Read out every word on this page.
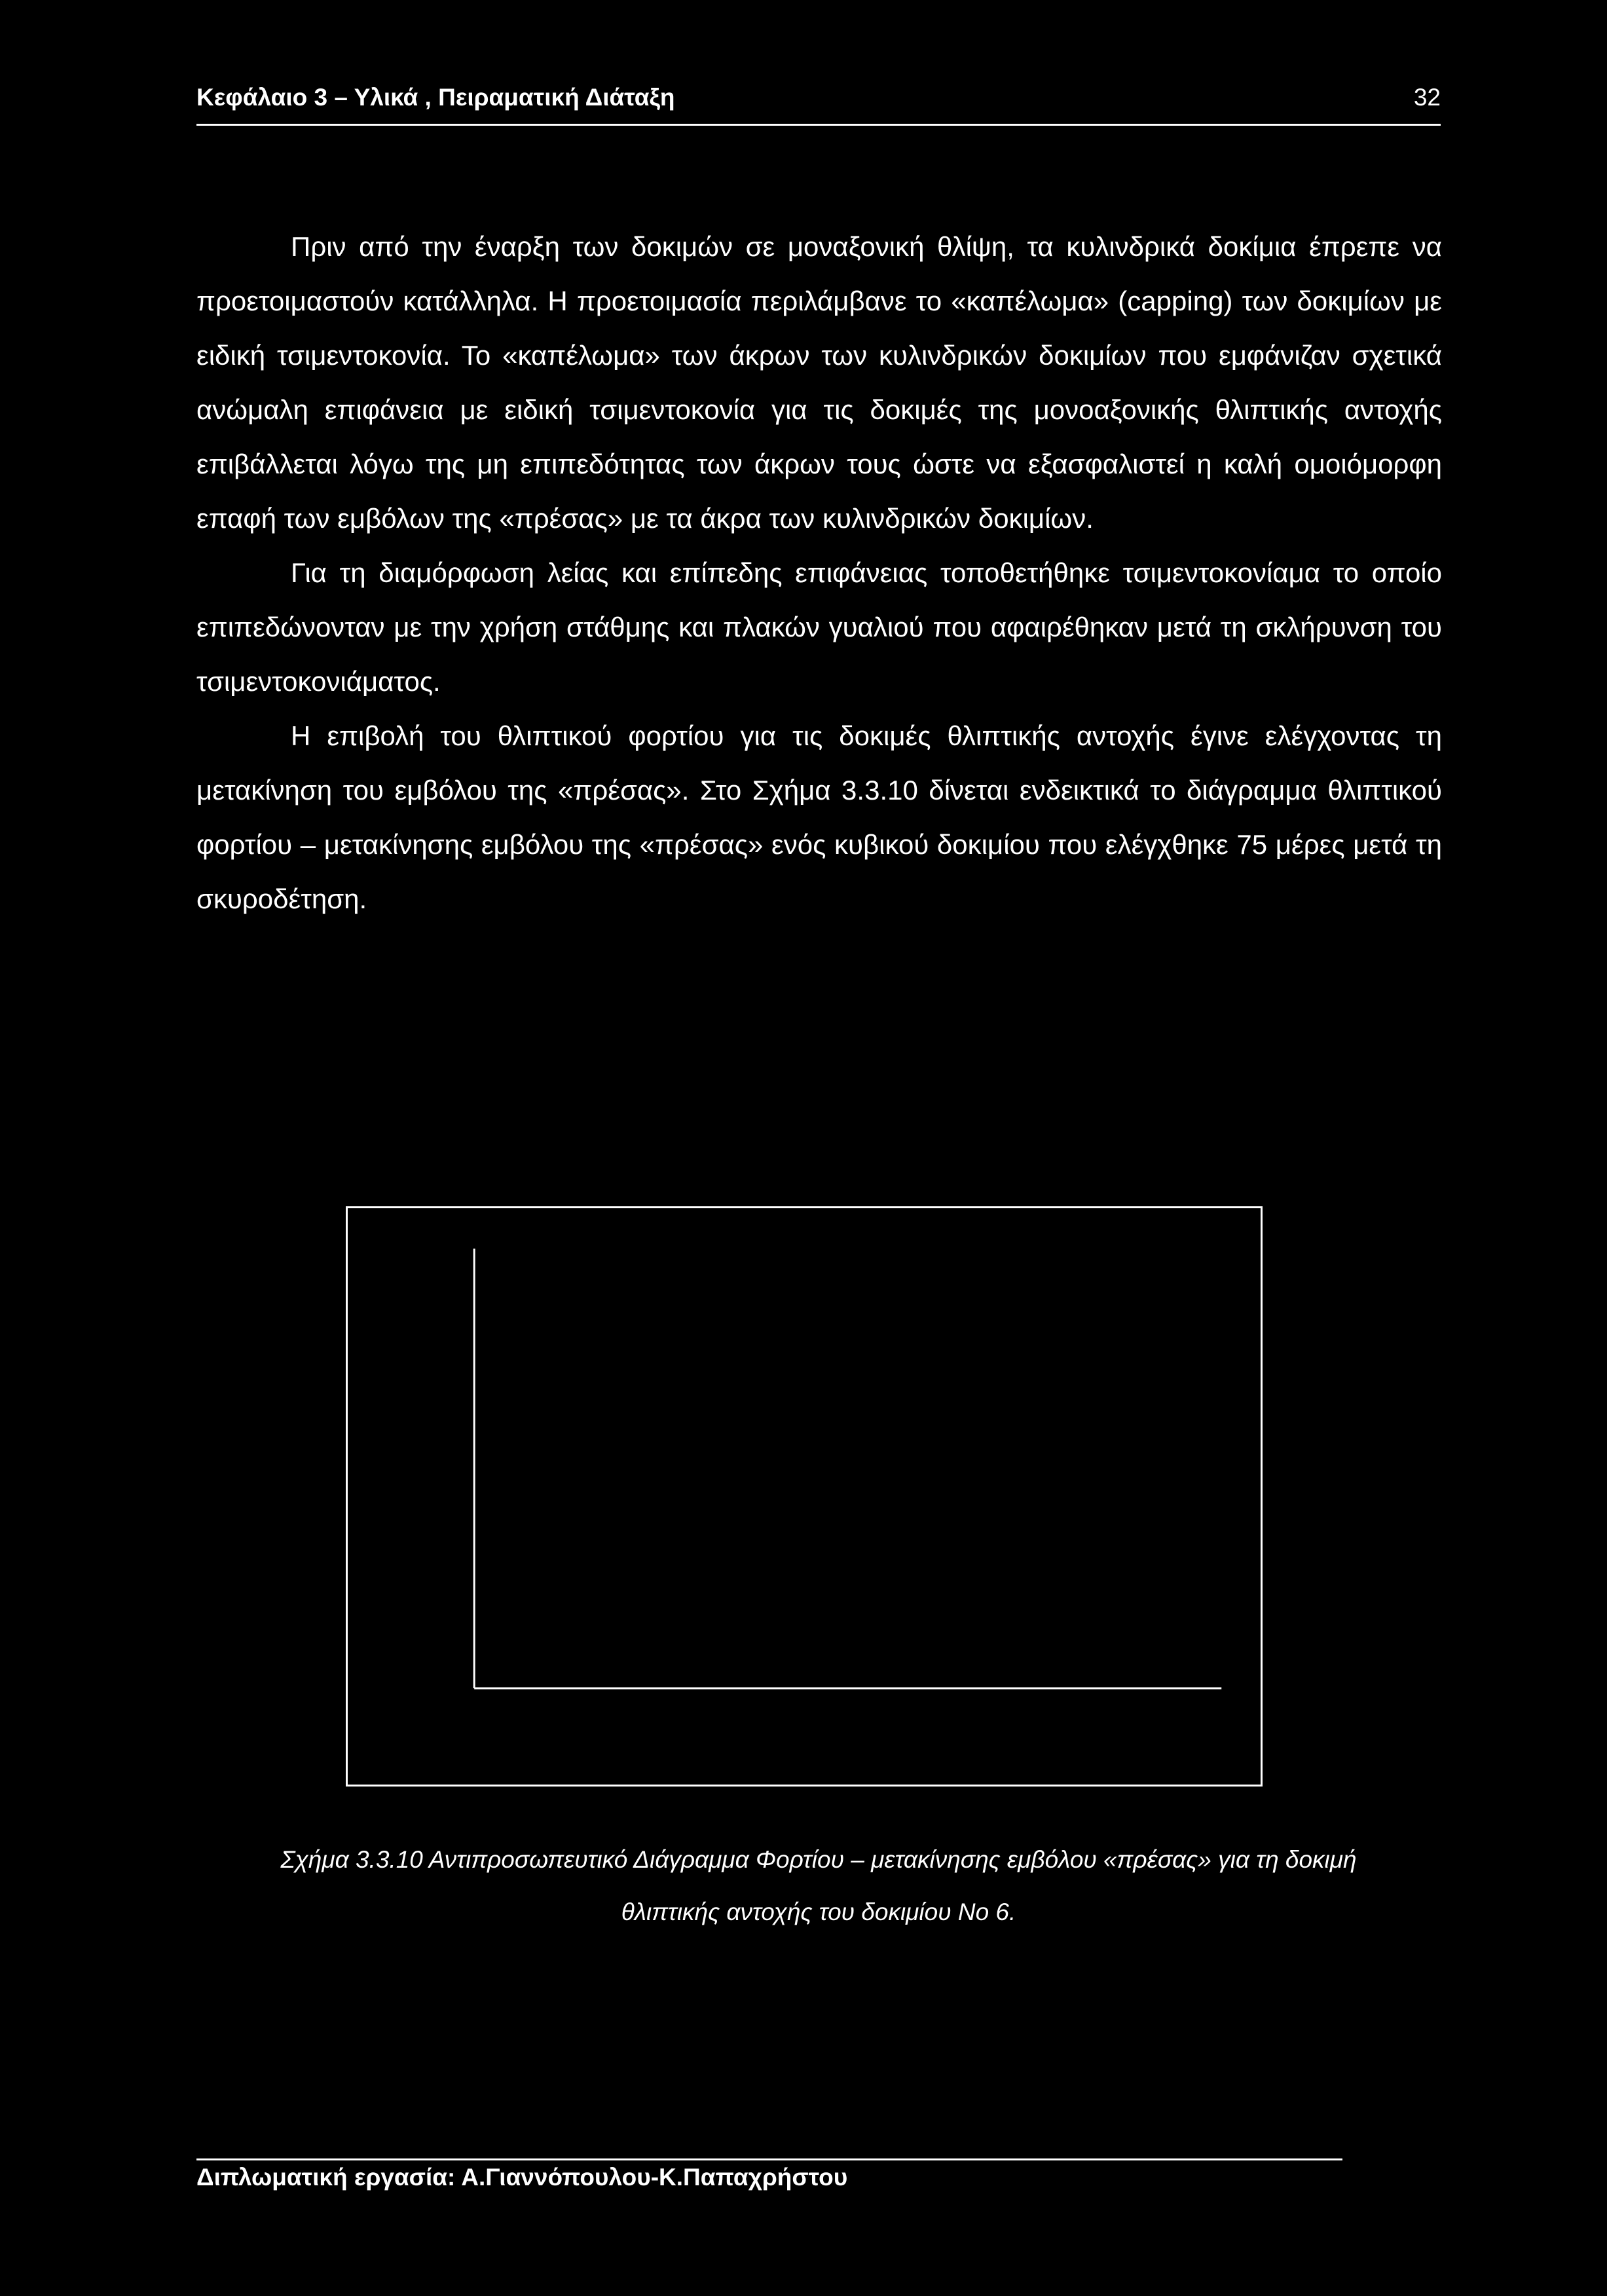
Κεφάλαιο 3 – Υλικά , Πειραματική Διάταξη	32

Πριν από την έναρξη των δοκιμών σε μοναξονική θλίψη, τα κυλινδρικά δοκίμια έπρεπε να προετοιμαστούν κατάλληλα. Η προετοιμασία περιλάμβανε το «καπέλωμα» (capping) των δοκιμίων με ειδική τσιμεντοκονία. Το «καπέλωμα» των άκρων των κυλινδρικών δοκιμίων που εμφάνιζαν σχετικά ανώμαλη επιφάνεια με ειδική τσιμεντοκονία για τις δοκιμές της μονοαξονικής θλιπτικής αντοχής επιβάλλεται λόγω της μη επιπεδότητας των άκρων τους ώστε να εξασφαλιστεί η καλή ομοιόμορφη επαφή των εμβόλων της «πρέσας» με τα άκρα των κυλινδρικών δοκιμίων.

Για τη διαμόρφωση λείας και επίπεδης επιφάνειας τοποθετήθηκε τσιμεντοκονίαμα το οποίο επιπεδώνονταν με την χρήση στάθμης και πλακών γυαλιού που αφαιρέθηκαν μετά τη σκλήρυνση του τσιμεντοκονιάματος.

Η επιβολή του θλιπτικού φορτίου για τις δοκιμές θλιπτικής αντοχής έγινε ελέγχοντας τη μετακίνηση του εμβόλου της «πρέσας». Στο Σχήμα 3.3.10 δίνεται ενδεικτικά το διάγραμμα θλιπτικού φορτίου – μετακίνησης εμβόλου της «πρέσας» ενός κυβικού δοκιμίου που ελέγχθηκε 75 μέρες μετά τη σκυροδέτηση.

Σχήμα 3.3.10 Αντιπροσωπευτικό Διάγραμμα Φορτίου – μετακίνησης εμβόλου «πρέσας» για τη δοκιμή
θλιπτικής αντοχής του δοκιμίου Νο 6.
Διπλωματική εργασία: Α.Γιαννόπουλου-Κ.Παπαχρήστου
